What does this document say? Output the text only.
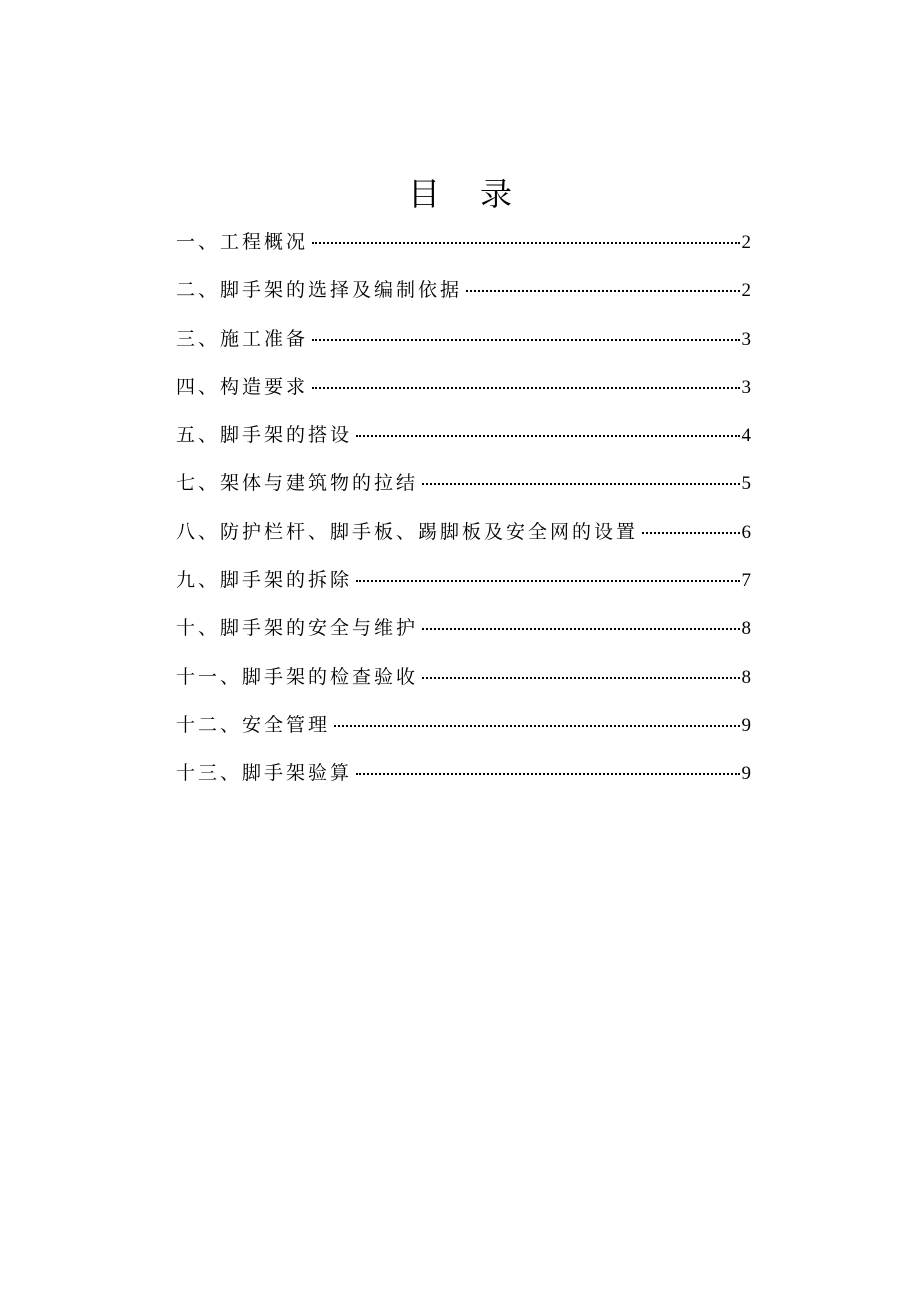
目录
一、工程概况	2
二、脚手架的选择及编制依据	2
三、施工准备	3
四、构造要求	3
五、脚手架的搭设	4
七、架体与建筑物的拉结	5
八、防护栏杆、脚手板、踢脚板及安全网的设置	6
九、脚手架的拆除	7
十、脚手架的安全与维护	8
十一、脚手架的检查验收	8
十二、安全管理	9
十三、脚手架验算	9
